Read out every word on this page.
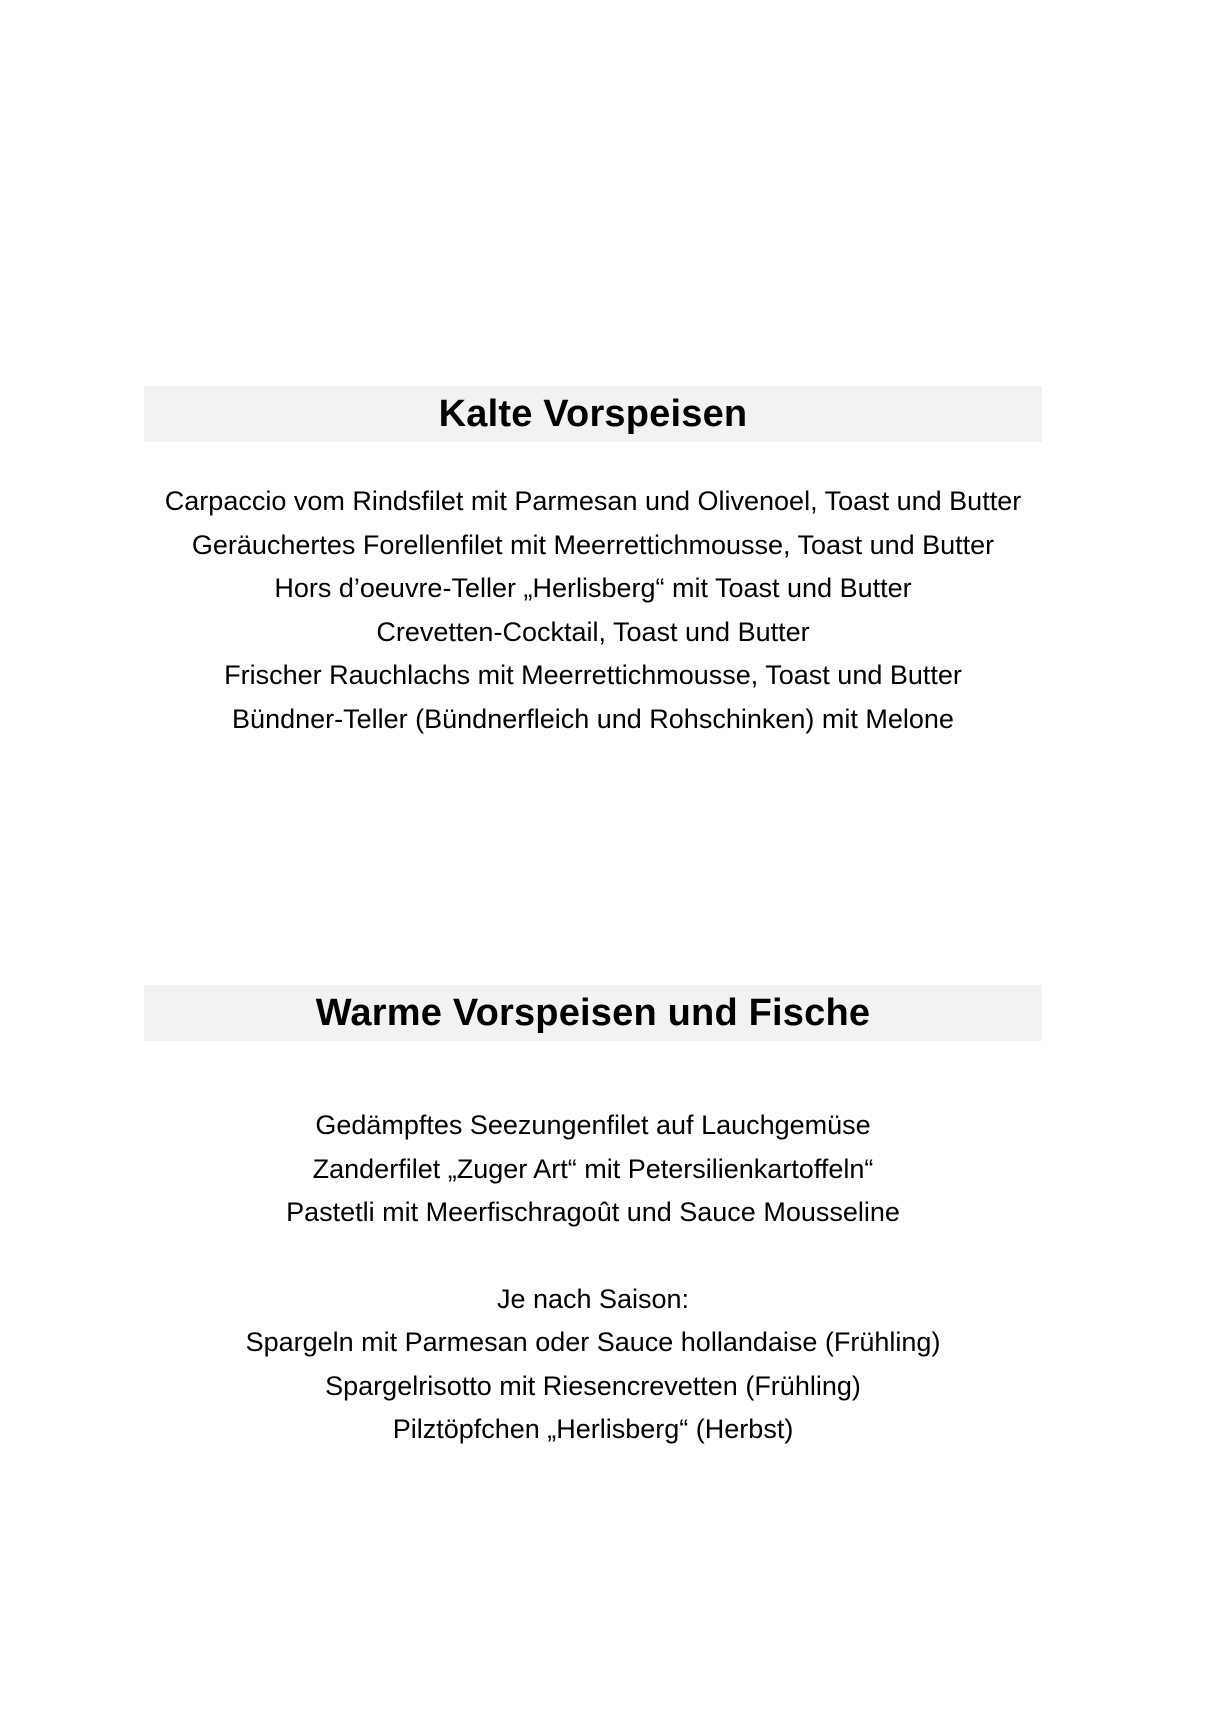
Kalte Vorspeisen
Carpaccio vom Rindsfilet mit Parmesan und Olivenoel, Toast und Butter
Geräuchertes Forellenfilet mit Meerrettichmousse, Toast und Butter
Hors d’oeuvre-Teller „Herlisberg“ mit Toast und Butter
Crevetten-Cocktail, Toast und Butter
Frischer Rauchlachs mit Meerrettichmousse, Toast und Butter
Bündner-Teller (Bündnerfleich und Rohschinken) mit Melone
Warme Vorspeisen und Fische
Gedämpftes Seezungenfilet auf Lauchgemüse
Zanderfilet „Zuger Art“ mit Petersilienkartoffeln“
Pastetli mit Meerfischragoût und Sauce Mousseline
Je nach Saison:
Spargeln mit Parmesan oder Sauce hollandaise (Frühling)
Spargelrisotto mit Riesencrevetten (Frühling)
Pilztöpfchen „Herlisberg“ (Herbst)
